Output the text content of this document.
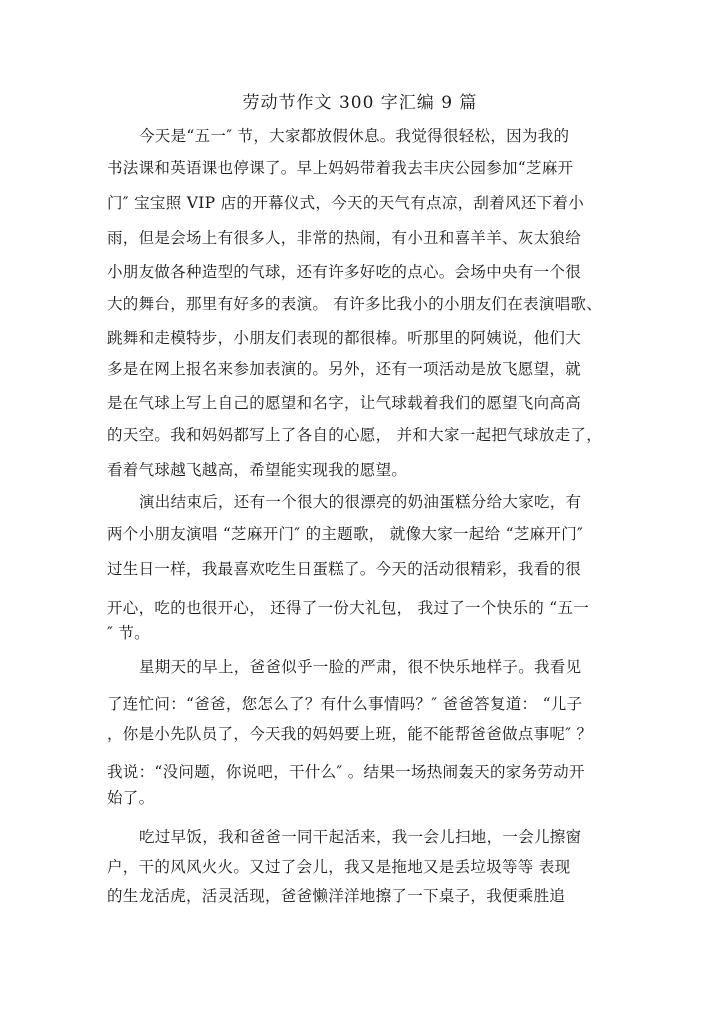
劳动节作文 300 字汇编 9 篇
今天是“五一″ 节，大家都放假休息。我觉得很轻松，因为我的
书法课和英语课也停课了。早上妈妈带着我去丰庆公园参加“芝麻开
门″ 宝宝照 VIP 店的开幕仪式，今天的天气有点凉，刮着风还下着小
雨，但是会场上有很多人，非常的热闹，有小丑和喜羊羊、灰太狼给
小朋友做各种造型的气球，还有许多好吃的点心。会场中央有一个很
大的舞台，那里有好多的表演。 有许多比我小的小朋友们在表演唱歌、
跳舞和走模特步，小朋友们表现的都很棒。听那里的阿姨说，他们大
多是在网上报名来参加表演的。另外，还有一项活动是放飞愿望，就
是在气球上写上自己的愿望和名字，让气球载着我们的愿望飞向高高
的天空。我和妈妈都写上了各自的心愿， 并和大家一起把气球放走了，
看着气球越飞越高，希望能实现我的愿望。
演出结束后，还有一个很大的很漂亮的奶油蛋糕分给大家吃，有
两个小朋友演唱 “芝麻开门″ 的主题歌， 就像大家一起给 “芝麻开门″
过生日一样，我最喜欢吃生日蛋糕了。今天的活动很精彩，我看的很
开心，吃的也很开心， 还得了一份大礼包， 我过了一个快乐的 “五一
″ 节。
星期天的早上，爸爸似乎一脸的严肃，很不快乐地样子。我看见
了连忙问：“爸爸，您怎么了？有什么事情吗？″ 爸爸答复道： “儿子
，你是小先队员了，今天我的妈妈要上班，能不能帮爸爸做点事呢″ ？
我说：“没问题，你说吧，干什么″ 。结果一场热闹轰天的家务劳动开
始了。
吃过早饭，我和爸爸一同干起活来，我一会儿扫地，一会儿擦窗
户，干的风风火火。又过了会儿，我又是拖地又是丢垃圾等等 表现
的生龙活虎，活灵活现，爸爸懒洋洋地擦了一下桌子，我便乘胜追
